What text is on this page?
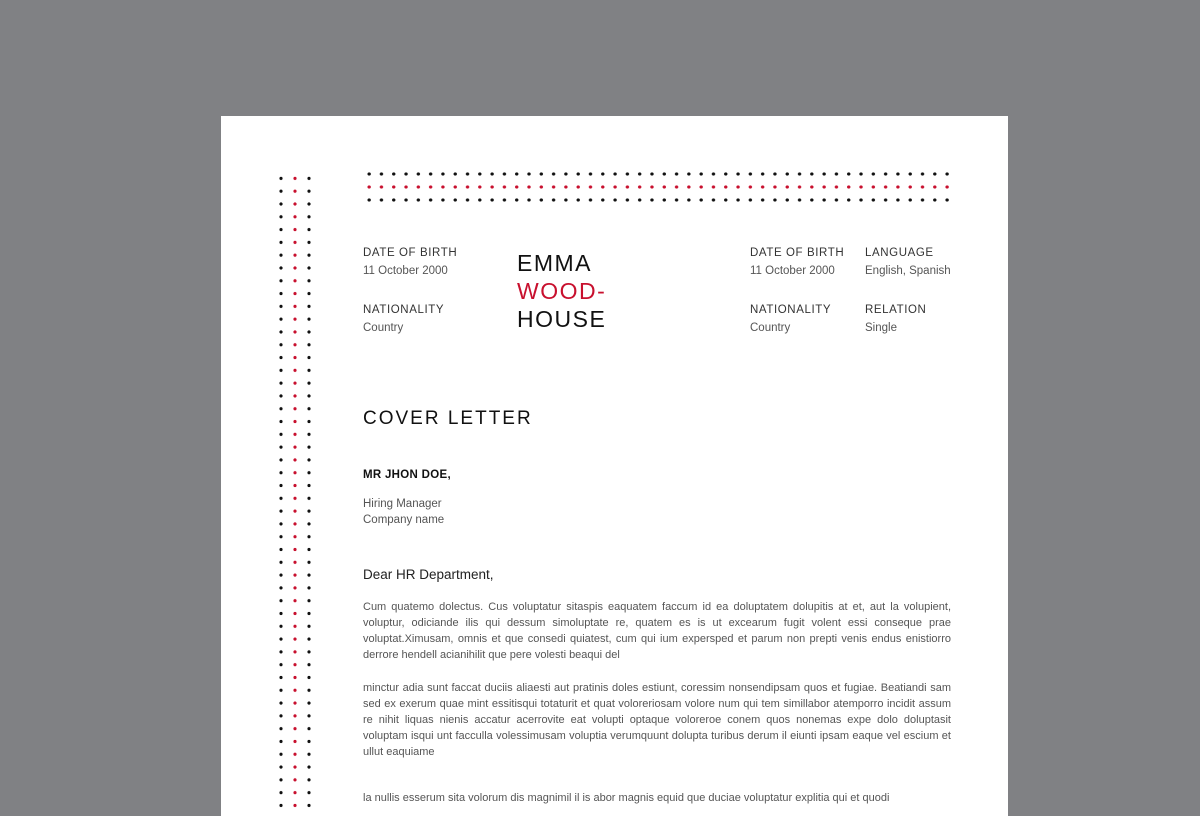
DATE OF BIRTH
11 October 2000
NATIONALITY
Country
EMMA
WOOD-
HOUSE
DATE OF BIRTH
11 October 2000
NATIONALITY
Country
LANGUAGE
English, Spanish
RELATION
Single
COVER LETTER
MR JHON DOE,
Hiring Manager
Company name
Dear HR Department,

Cum quatemo dolectus. Cus voluptatur sitaspis eaquatem faccum id ea doluptatem dolupitis at et, aut la volupient, voluptur, odiciande ilis qui dessum simoluptate re, quatem es is ut excearum fugit volent essi conseque prae voluptat.Ximusam, omnis et que consedi quiatest, cum qui ium expersped et parum non prepti venis endus enistiorro derrore hendell acianihilit que pere volesti beaqui del

minctur adia sunt faccat duciis aliaesti aut pratinis doles estiunt, coressim nonsendipsam quos et fugiae. Beatiandi sam sed ex exerum quae mint essitisqui totaturit et quat voloreriosam volore num qui tem simillabor atemporro incidit assum re nihit liquas nienis accatur acerrovite eat volupti optaque voloreroe conem quos nonemas expe dolo doluptasit voluptam isqui unt facculla volessimusam voluptia verumquunt dolupta turibus derum il eiunti ipsam eaque vel escium et ullut eaquiame

la nullis esserum sita volorum dis magnimil il is abor magnis equid que duciae voluptatur explitia qui et quodi
